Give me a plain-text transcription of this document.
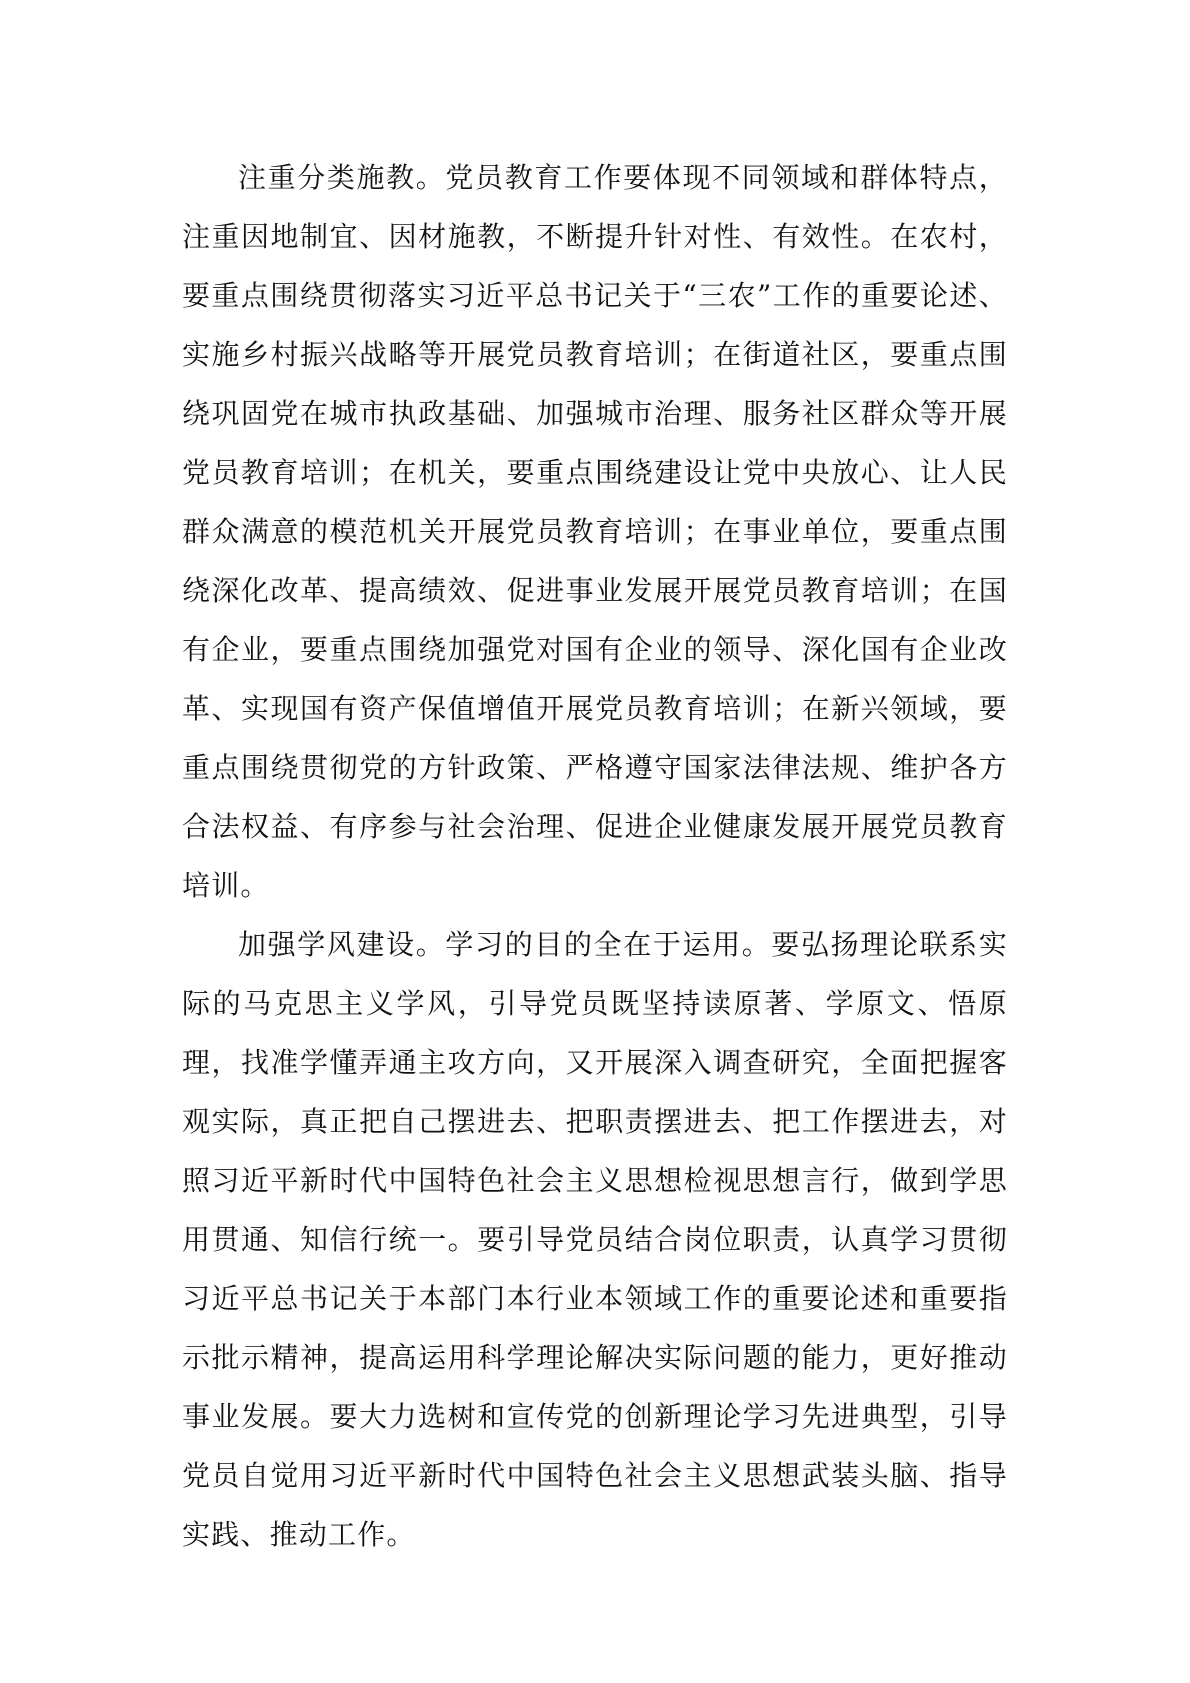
注重分类施教。党员教育工作要体现不同领域和群体特点，注重因地制宜、因材施教，不断提升针对性、有效性。在农村，要重点围绕贯彻落实习近平总书记关于“三农”工作的重要论述、实施乡村振兴战略等开展党员教育培训；在街道社区，要重点围绕巩固党在城市执政基础、加强城市治理、服务社区群众等开展党员教育培训；在机关，要重点围绕建设让党中央放心、让人民群众满意的模范机关开展党员教育培训；在事业单位，要重点围绕深化改革、提高绩效、促进事业发展开展党员教育培训；在国有企业，要重点围绕加强党对国有企业的领导、深化国有企业改革、实现国有资产保值增值开展党员教育培训；在新兴领域，要重点围绕贯彻党的方针政策、严格遵守国家法律法规、维护各方合法权益、有序参与社会治理、促进企业健康发展开展党员教育培训。

加强学风建设。学习的目的全在于运用。要弘扬理论联系实际的马克思主义学风，引导党员既坚持读原著、学原文、悟原理，找准学懂弄通主攻方向，又开展深入调查研究，全面把握客观实际，真正把自己摆进去、把职责摆进去、把工作摆进去，对照习近平新时代中国特色社会主义思想检视思想言行，做到学思用贯通、知信行统一。要引导党员结合岗位职责，认真学习贯彻习近平总书记关于本部门本行业本领域工作的重要论述和重要指示批示精神，提高运用科学理论解决实际问题的能力，更好推动事业发展。要大力选树和宣传党的创新理论学习先进典型，引导党员自觉用习近平新时代中国特色社会主义思想武装头脑、指导实践、推动工作。
